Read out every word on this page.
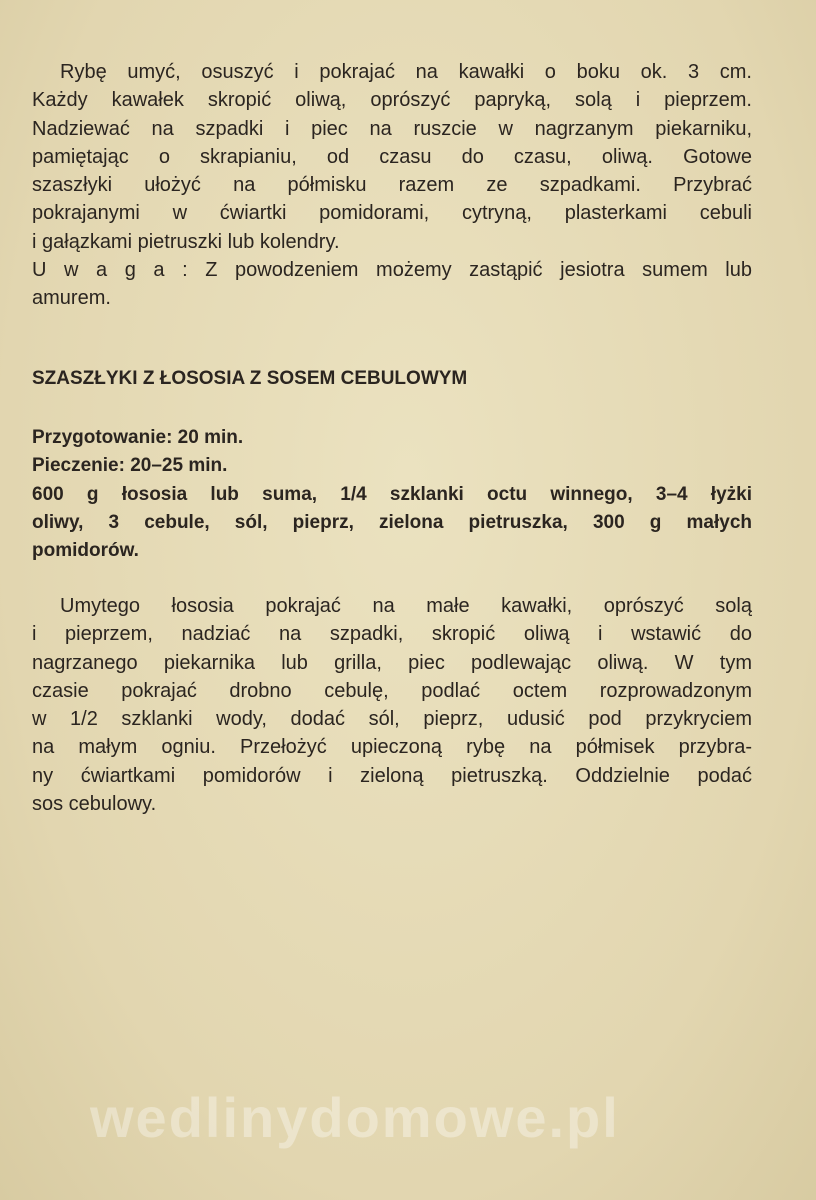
Rybę umyć, osuszyć i pokrajać na kawałki o boku ok. 3 cm.
Każdy kawałek skropić oliwą, oprószyć papryką, solą i pieprzem.
Nadziewać na szpadki i piec na ruszcie w nagrzanym piekarniku,
pamiętając o skrapianiu, od czasu do czasu, oliwą. Gotowe
szaszłyki ułożyć na półmisku razem ze szpadkami. Przybrać
pokrajanymi w ćwiartki pomidorami, cytryną, plasterkami cebuli
i gałązkami pietruszki lub kolendry.
U w a g a : Z powodzeniem możemy zastąpić jesiotra sumem lub
amurem.
SZASZŁYKI Z ŁOSOSIA Z SOSEM CEBULOWYM
Przygotowanie: 20 min.
Pieczenie: 20–25 min.
600 g łososia lub suma, 1/4 szklanki octu winnego, 3–4 łyżki
oliwy, 3 cebule, sól, pieprz, zielona pietruszka, 300 g małych
pomidorów.
Umytego łososia pokrajać na małe kawałki, oprószyć solą
i pieprzem, nadziać na szpadki, skropić oliwą i wstawić do
nagrzanego piekarnika lub grilla, piec podlewając oliwą. W tym
czasie pokrajać drobno cebulę, podlać octem rozprowadzonym
w 1/2 szklanki wody, dodać sól, pieprz, udusić pod przykryciem
na małym ogniu. Przełożyć upieczoną rybę na półmisek przybra-
ny ćwiartkami pomidorów i zieloną pietruszką. Oddzielnie podać
sos cebulowy.
wedlinydomowe.pl
